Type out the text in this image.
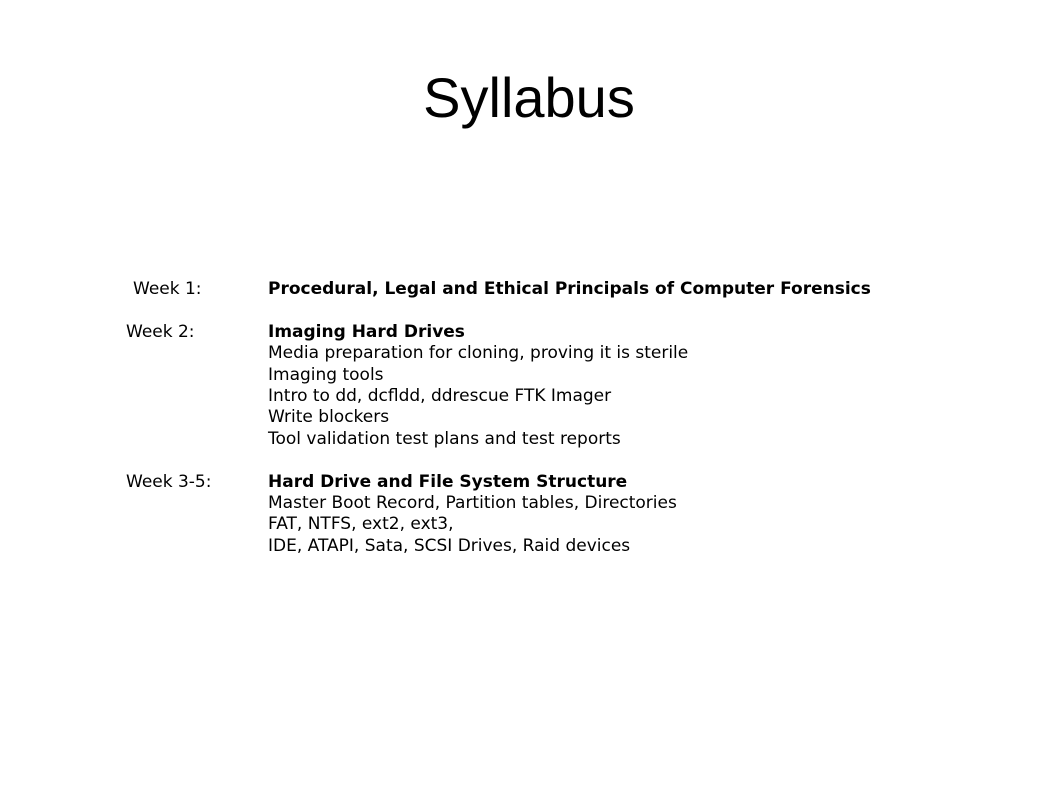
Syllabus
Week 1:	Procedural, Legal and Ethical Principals of Computer Forensics
Week 2:	Imaging Hard Drives
Media preparation for cloning, proving it is sterile
Imaging tools
Intro to dd, dcfldd, ddrescue FTK Imager
Write blockers
Tool validation test plans and test reports
Week 3-5:	Hard Drive and File System Structure
Master Boot Record, Partition tables, Directories
FAT, NTFS, ext2, ext3,
IDE, ATAPI, Sata, SCSI Drives, Raid devices
